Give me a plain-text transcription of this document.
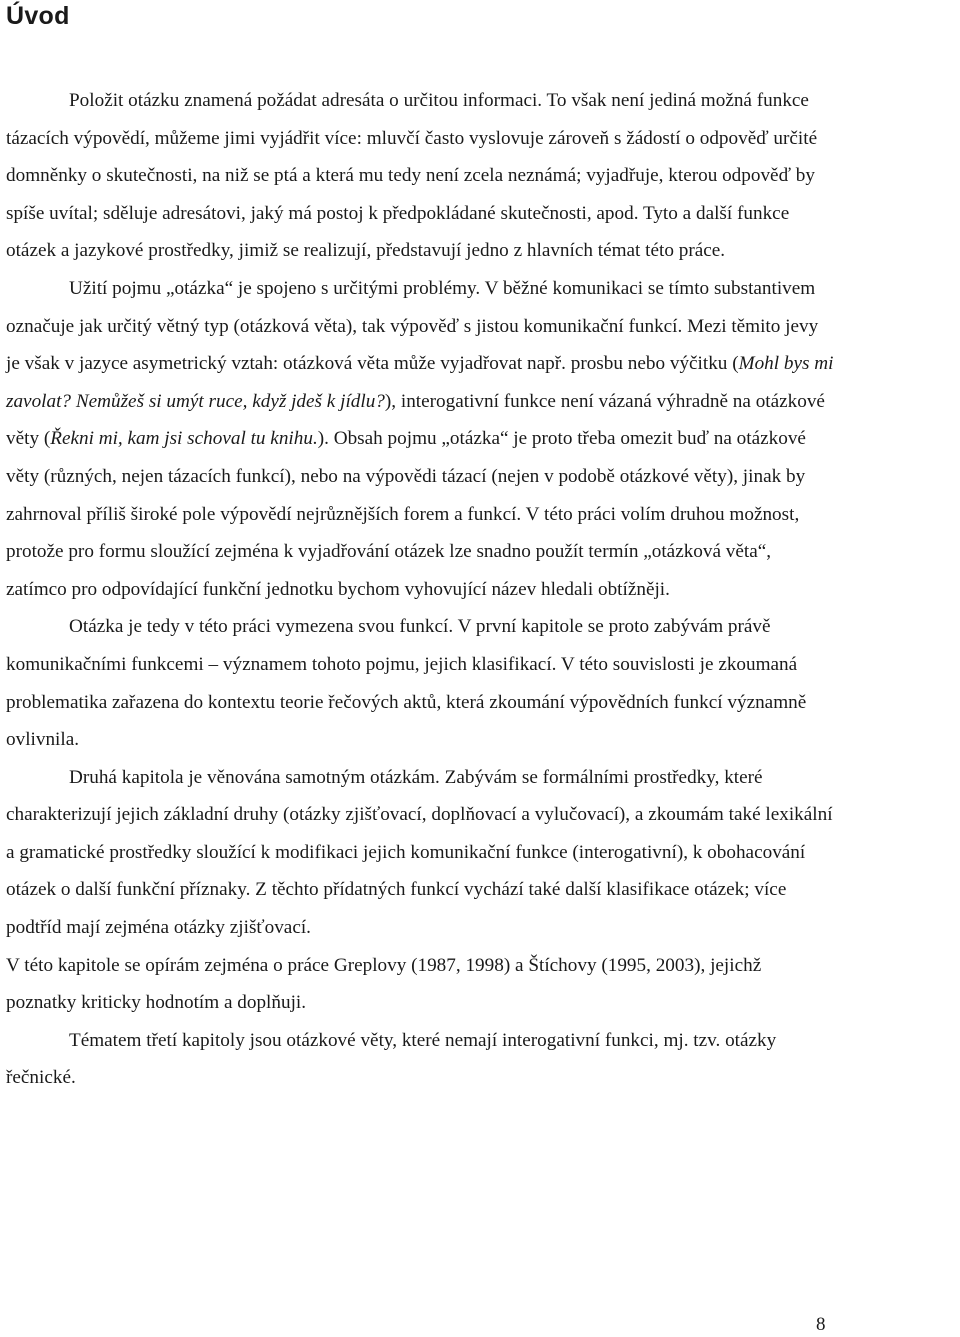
Úvod

Položit otázku znamená požádat adresáta o určitou informaci. To však není jediná možná funkce tázacích výpovědí, můžeme jimi vyjádřit více: mluvčí často vyslovuje zároveň s žádostí o odpověď určité domněnky o skutečnosti, na niž se ptá a která mu tedy není zcela neznámá; vyjadřuje, kterou odpověď by spíše uvítal; sděluje adresátovi, jaký má postoj k předpokládané skutečnosti, apod. Tyto a další funkce otázek a jazykové prostředky, jimiž se realizují, představují jedno z hlavních témat této práce.

Užití pojmu „otázka“ je spojeno s určitými problémy. V běžné komunikaci se tímto substantivem označuje jak určitý větný typ (otázková věta), tak výpověď s jistou komunikační funkcí. Mezi těmito jevy je však v jazyce asymetrický vztah: otázková věta může vyjadřovat např. prosbu nebo výčitku (Mohl bys mi zavolat? Nemůžeš si umýt ruce, když jdeš k jídlu?), interogativní funkce není vázaná výhradně na otázkové věty (Řekni mi, kam jsi schoval tu knihu.). Obsah pojmu „otázka“ je proto třeba omezit buď na otázkové věty (různých, nejen tázacích funkcí), nebo na výpovědi tázací (nejen v podobě otázkové věty), jinak by zahrnoval příliš široké pole výpovědí nejrůznějších forem a funkcí. V této práci volím druhou možnost, protože pro formu sloužící zejména k vyjadřování otázek lze snadno použít termín „otázková věta“, zatímco pro odpovídající funkční jednotku bychom vyhovující název hledali obtížněji.

Otázka je tedy v této práci vymezena svou funkcí. V první kapitole se proto zabývám právě komunikačními funkcemi – významem tohoto pojmu, jejich klasifikací. V této souvislosti je zkoumaná problematika zařazena do kontextu teorie řečových aktů, která zkoumání výpovědních funkcí významně ovlivnila.

Druhá kapitola je věnována samotným otázkám. Zabývám se formálními prostředky, které charakterizují jejich základní druhy (otázky zjišťovací, doplňovací a vylučovací), a zkoumám také lexikální a gramatické prostředky sloužící k modifikaci jejich komunikační funkce (interogativní), k obohacování otázek o další funkční příznaky. Z těchto přídatných funkcí vychází také další klasifikace otázek; více podtříd mají zejména otázky zjišťovací.

V této kapitole se opírám zejména o práce Greplovy (1987, 1998) a Štíchovy (1995, 2003), jejichž poznatky kriticky hodnotím a doplňuji.

Tématem třetí kapitoly jsou otázkové věty, které nemají interogativní funkci, mj. tzv. otázky řečnické.

8
